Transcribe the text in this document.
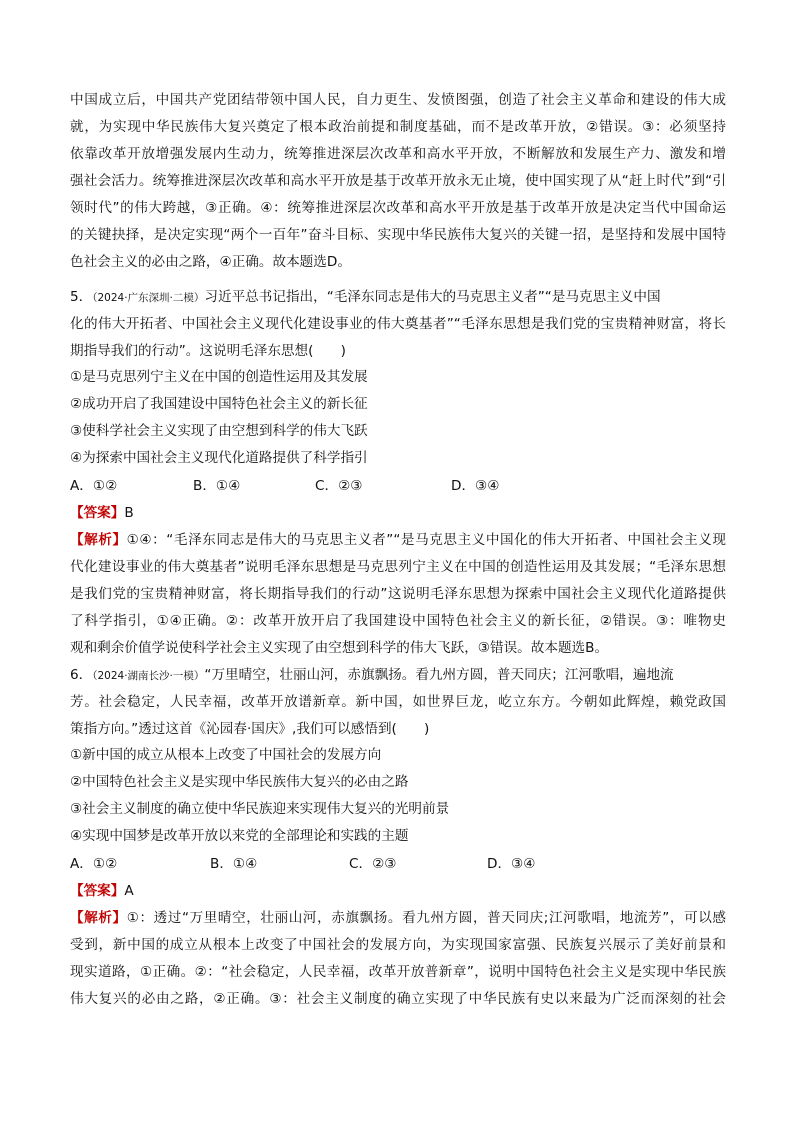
中国成立后，中国共产党团结带领中国人民，自力更生、发愤图强，创造了社会主义革命和建设的伟大成
就，为实现中华民族伟大复兴奠定了根本政治前提和制度基础，而不是改革开放，②错误。③：必须坚持
依靠改革开放增强发展内生动力，统筹推进深层次改革和高水平开放，不断解放和发展生产力、激发和增
强社会活力。统筹推进深层次改革和高水平开放是基于改革开放永无止境，使中国实现了从“赶上时代”到“引
领时代”的伟大跨越，③正确。④：统筹推进深层次改革和高水平开放是基于改革开放是决定当代中国命运
的关键抉择，是决定实现“两个一百年”奋斗目标、实现中华民族伟大复兴的关键一招，是坚持和发展中国特
色社会主义的必由之路，④正确。故本题选D。
5．（2024·广东深圳·二模）习近平总书记指出，“毛泽东同志是伟大的马克思主义者”“是马克思主义中国
化的伟大开拓者、中国社会主义现代化建设事业的伟大奠基者”“毛泽东思想是我们党的宝贵精神财富，将长
期指导我们的行动”。这说明毛泽东思想(　　)
①是马克思列宁主义在中国的创造性运用及其发展
②成功开启了我国建设中国特色社会主义的新长征
③使科学社会主义实现了由空想到科学的伟大飞跃
④为探索中国社会主义现代化道路提供了科学指引
A．①②	B．①④	C．②③	D．③④
【答案】B
【解析】①④：“毛泽东同志是伟大的马克思主义者”“是马克思主义中国化的伟大开拓者、中国社会主义现
代化建设事业的伟大奠基者”说明毛泽东思想是马克思列宁主义在中国的创造性运用及其发展；“毛泽东思想
是我们党的宝贵精神财富，将长期指导我们的行动”这说明毛泽东思想为探索中国社会主义现代化道路提供
了科学指引，①④正确。②：改革开放开启了我国建设中国特色社会主义的新长征，②错误。③：唯物史
观和剩余价值学说使科学社会主义实现了由空想到科学的伟大飞跃，③错误。故本题选B。
6．（2024·湖南长沙·一模）“万里晴空，壮丽山河，赤旗飘扬。看九州方圆，普天同庆；江河歌唱，遍地流
芳。社会稳定，人民幸福，改革开放谱新章。新中国，如世界巨龙，屹立东方。今朝如此辉煌，赖党政国
策指方向。”透过这首《沁园春·国庆》,我们可以感悟到(　　)
①新中国的成立从根本上改变了中国社会的发展方向
②中国特色社会主义是实现中华民族伟大复兴的必由之路
③社会主义制度的确立使中华民族迎来实现伟大复兴的光明前景
④实现中国梦是改革开放以来党的全部理论和实践的主题
A．①②	B．①④	C．②③	D．③④
【答案】A
【解析】①：透过“万里晴空，壮丽山河，赤旗飘扬。看九州方圆，普天同庆;江河歌唱，地流芳”，可以感
受到，新中国的成立从根本上改变了中国社会的发展方向，为实现国家富强、民族复兴展示了美好前景和
现实道路，①正确。②：“社会稳定，人民幸福，改革开放普新章”，说明中国特色社会主义是实现中华民族
伟大复兴的必由之路，②正确。③：社会主义制度的确立实现了中华民族有史以来最为广泛而深刻的社会
